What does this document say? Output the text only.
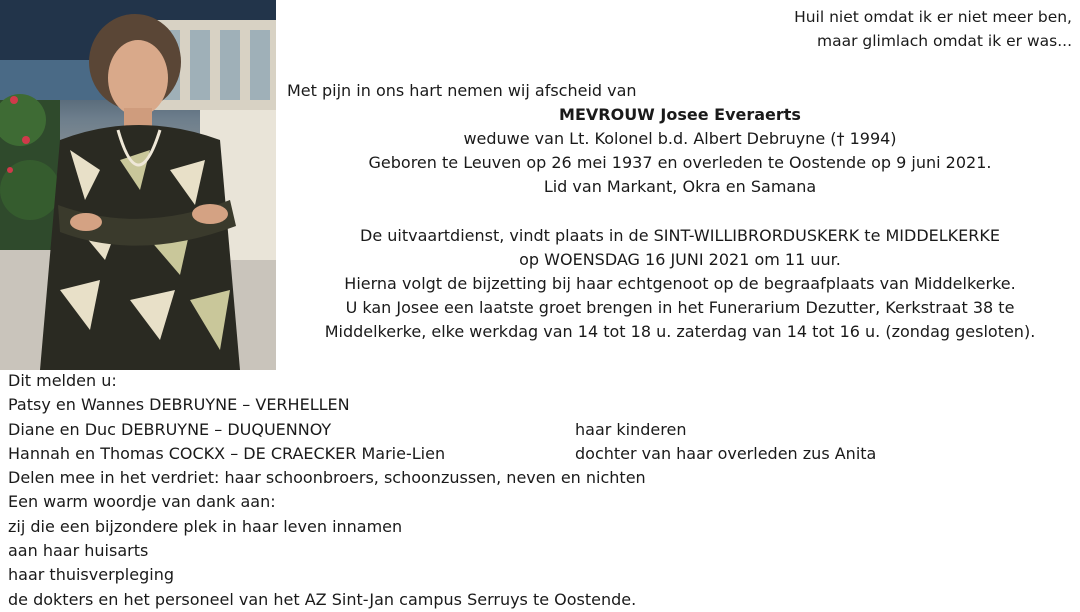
Huil niet omdat ik er niet meer ben,
maar glimlach omdat ik er was...
Met pijn in ons hart nemen wij afscheid van
MEVROUW Josee Everaerts
weduwe van Lt. Kolonel b.d. Albert Debruyne († 1994)
Geboren te Leuven op 26 mei 1937 en overleden te Oostende op 9 juni 2021.
Lid van Markant, Okra en Samana
De uitvaartdienst, vindt plaats in de SINT-WILLIBRORDUSKERK te MIDDELKERKE
op WOENSDAG 16 JUNI 2021 om 11 uur.
Hierna volgt de bijzetting bij haar echtgenoot op de begraafplaats van Middelkerke.
U kan Josee een laatste groet brengen in het Funerarium Dezutter, Kerkstraat 38 te
Middelkerke, elke werkdag van 14 tot 18 u. zaterdag van 14 tot 16 u. (zondag gesloten).
Dit melden u:
Patsy en Wannes DEBRUYNE – VERHELLEN
Diane en Duc DEBRUYNE – DUQUENNOY	haar kinderen
Hannah en Thomas COCKX – DE CRAECKER Marie-Lien	dochter van haar overleden zus Anita
Delen mee in het verdriet: haar schoonbroers, schoonzussen, neven en nichten
Een warm woordje van dank aan:
zij die een bijzondere plek in haar leven innamen
aan haar huisarts
haar thuisverpleging
de dokters en het personeel van het AZ Sint-Jan campus Serruys te Oostende.
